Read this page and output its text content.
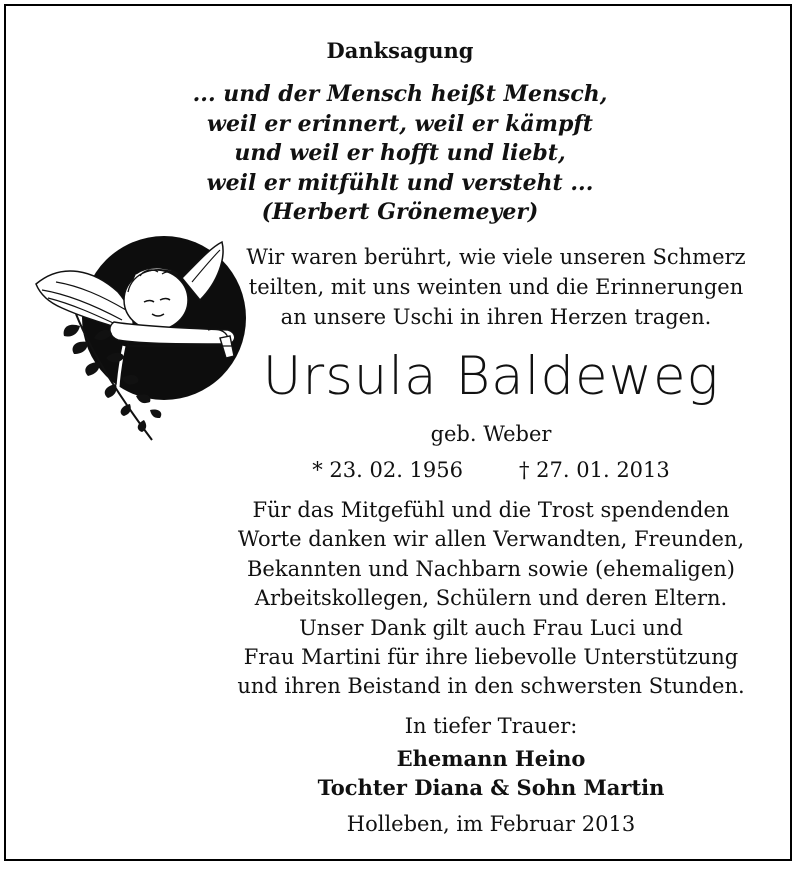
Danksagung
... und der Mensch heißt Mensch,
weil er erinnert, weil er kämpft
und weil er hofft und liebt,
weil er mitfühlt und versteht ...
(Herbert Grönemeyer)
Wir waren berührt, wie viele unseren Schmerz
teilten, mit uns weinten und die Erinnerungen
an unsere Uschi in ihren Herzen tragen.
Ursula Baldeweg
geb. Weber
* 23. 02. 1956	† 27. 01. 2013
Für das Mitgefühl und die Trost spendenden
Worte danken wir allen Verwandten, Freunden,
Bekannten und Nachbarn sowie (ehemaligen)
Arbeitskollegen, Schülern und deren Eltern.
Unser Dank gilt auch Frau Luci und
Frau Martini für ihre liebevolle Unterstützung
und ihren Beistand in den schwersten Stunden.
In tiefer Trauer:
Ehemann Heino
Tochter Diana & Sohn Martin
Holleben, im Februar 2013
